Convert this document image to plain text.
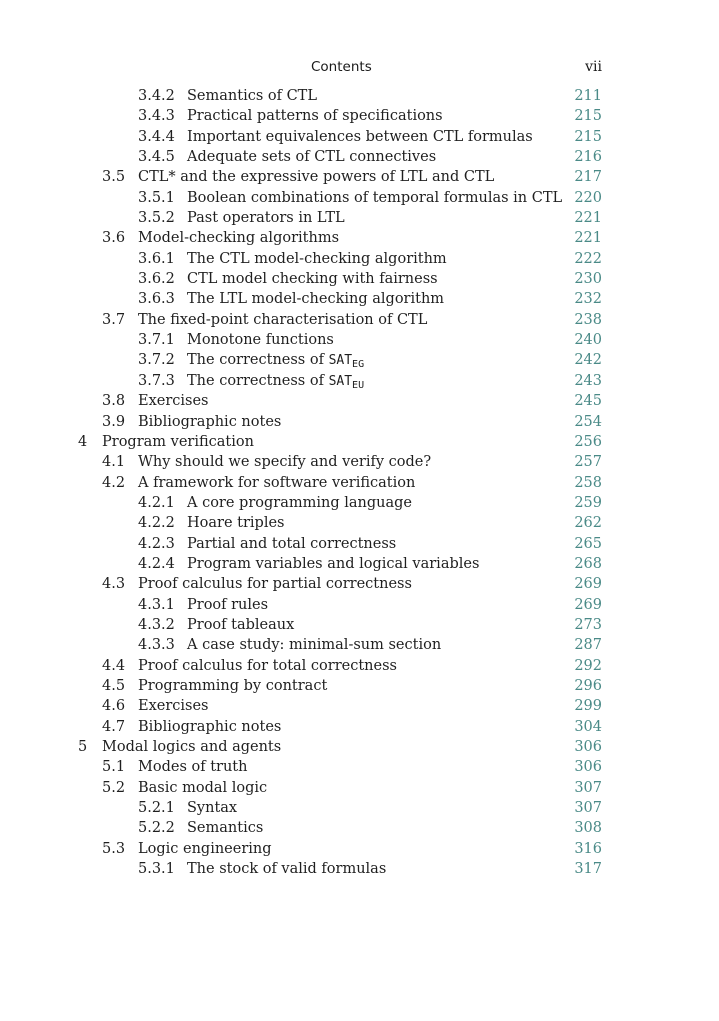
Contents	vii
3.4.2 Semantics of CTL	211
3.4.3 Practical patterns of specifications	215
3.4.4 Important equivalences between CTL formulas	215
3.4.5 Adequate sets of CTL connectives	216
3.5 CTL* and the expressive powers of LTL and CTL	217
3.5.1 Boolean combinations of temporal formulas in CTL 220
3.5.2 Past operators in LTL	221
3.6 Model-checking algorithms	221
3.6.1 The CTL model-checking algorithm	222
3.6.2 CTL model checking with fairness	230
3.6.3 The LTL model-checking algorithm	232
3.7 The fixed-point characterisation of CTL	238
3.7.1 Monotone functions	240
3.7.2 The correctness of $SAT_{EG}$	242
3.7.3 The correctness of $SAT_{EU}$	243
3.8 Exercises	245
3.9 Bibliographic notes	254
4 Program verification	256
4.1 Why should we specify and verify code?	257
4.2 A framework for software verification	258
4.2.1 A core programming language	259
4.2.2 Hoare triples	262
4.2.3 Partial and total correctness	265
4.2.4 Program variables and logical variables	268
4.3 Proof calculus for partial correctness	269
4.3.1 Proof rules	269
4.3.2 Proof tableaux	273
4.3.3 A case study: minimal-sum section	287
4.4 Proof calculus for total correctness	292
4.5 Programming by contract	296
4.6 Exercises	299
4.7 Bibliographic notes	304
5 Modal logics and agents	306
5.1 Modes of truth	306
5.2 Basic modal logic	307
5.2.1 Syntax	307
5.2.2 Semantics	308
5.3 Logic engineering	316
5.3.1 The stock of valid formulas	317
